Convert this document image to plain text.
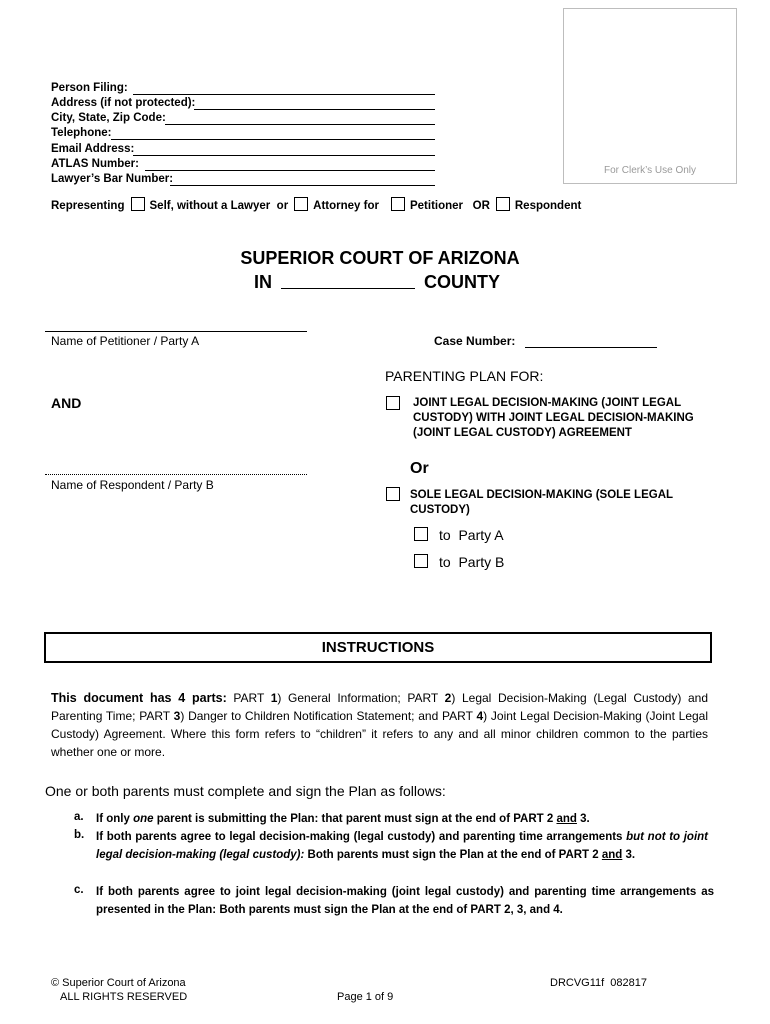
For Clerk’s Use Only
Person Filing:
Address (if not protected):
City, State, Zip Code:
Telephone:
Email Address:
ATLAS Number:
Lawyer’s Bar Number:
Representing Self, without a Lawyer or Attorney for	Petitioner OR Respondent
SUPERIOR COURT OF ARIZONA
IN	COUNTY
Name of Petitioner / Party A	Case Number:
AND
Name of Respondent / Party B
PARENTING PLAN FOR:
JOINT LEGAL DECISION-MAKING (JOINT LEGAL CUSTODY) WITH JOINT LEGAL DECISION-MAKING (JOINT LEGAL CUSTODY) AGREEMENT
Or
SOLE LEGAL DECISION-MAKING (SOLE LEGAL CUSTODY)
to  Party A
to  Party B
INSTRUCTIONS
This document has 4 parts: PART 1) General Information; PART 2) Legal Decision-Making (Legal Custody) and Parenting Time; PART 3) Danger to Children Notification Statement; and PART 4) Joint Legal Decision-Making (Joint Legal Custody) Agreement. Where this form refers to “children” it refers to any and all minor children common to the parties whether one or more.
One or both parents must complete and sign the Plan as follows:
a. If only one parent is submitting the Plan: that parent must sign at the end of PART 2 and 3.
b. If both parents agree to legal decision-making (legal custody) and parenting time arrangements but not to joint legal decision-making (legal custody): Both parents must sign the Plan at the end of PART 2 and 3.
c. If both parents agree to joint legal decision-making (joint legal custody) and parenting time arrangements as presented in the Plan: Both parents must sign the Plan at the end of PART 2, 3, and 4.
© Superior Court of Arizona
ALL RIGHTS RESERVED	Page 1 of 9
DRCVG11f  082817
